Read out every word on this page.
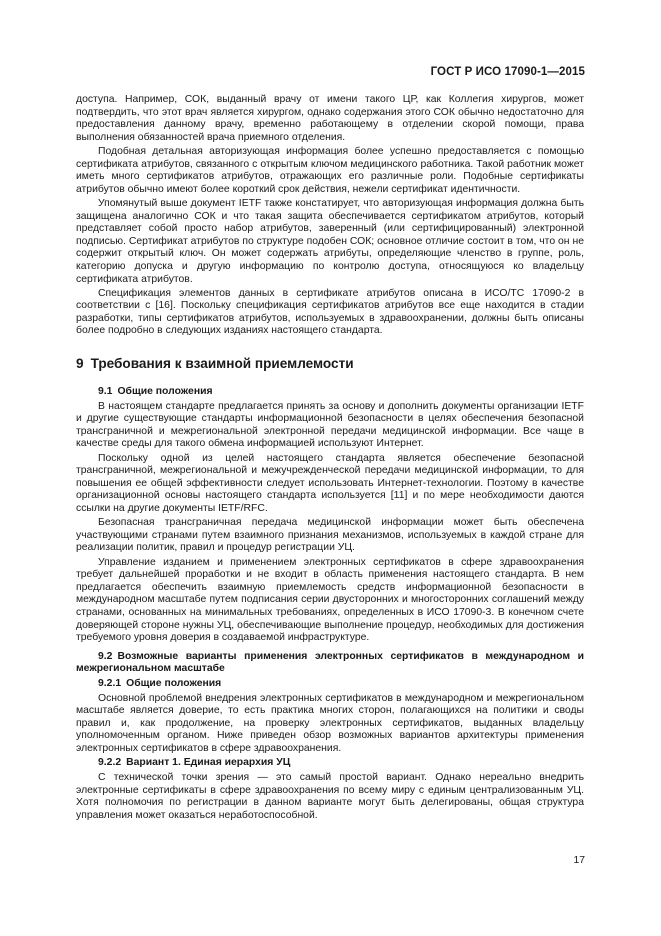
ГОСТ Р ИСО 17090-1—2015

доступа. Например, СОК, выданный врачу от имени такого ЦР, как Коллегия хирургов, может подтвердить, что этот врач является хирургом, однако содержания этого СОК обычно недостаточно для предоставления данному врачу, временно работающему в отделении скорой помощи, права выполнения обязанностей врача приемного отделения.

Подобная детальная авторизующая информация более успешно предоставляется с помощью сертификата атрибутов, связанного с открытым ключом медицинского работника. Такой работник может иметь много сертификатов атрибутов, отражающих его различные роли. Подобные сертификаты атрибутов обычно имеют более короткий срок действия, нежели сертификат идентичности.

Упомянутый выше документ IETF также констатирует, что авторизующая информация должна быть защищена аналогично СОК и что такая защита обеспечивается сертификатом атрибутов, который представляет собой просто набор атрибутов, заверенный (или сертифицированный) электронной подписью. Сертификат атрибутов по структуре подобен СОК; основное отличие состоит в том, что он не содержит открытый ключ. Он может содержать атрибуты, определяющие членство в группе, роль, категорию допуска и другую информацию по контролю доступа, относящуюся ко владельцу сертификата атрибутов.

Спецификация элементов данных в сертификате атрибутов описана в ИСО/ТС 17090-2 в соответствии с [16]. Поскольку спецификация сертификатов атрибутов все еще находится в стадии разработки, типы сертификатов атрибутов, используемых в здравоохранении, должны быть описаны более подробно в следующих изданиях настоящего стандарта.

9 Требования к взаимной приемлемости
9.1 Общие положения

В настоящем стандарте предлагается принять за основу и дополнить документы организации IETF и другие существующие стандарты информационной безопасности в целях обеспечения безопасной трансграничной и межрегиональной электронной передачи медицинской информации. Все чаще в качестве среды для такого обмена информацией используют Интернет.

Поскольку одной из целей настоящего стандарта является обеспечение безопасной трансграничной, межрегиональной и межучрежденческой передачи медицинской информации, то для повышения ее общей эффективности следует использовать Интернет-технологии. Поэтому в качестве организационной основы настоящего стандарта используется [11] и по мере необходимости даются ссылки на другие документы IETF/RFC.

Безопасная трансграничная передача медицинской информации может быть обеспечена участвующими странами путем взаимного признания механизмов, используемых в каждой стране для реализации политик, правил и процедур регистрации УЦ.

Управление изданием и применением электронных сертификатов в сфере здравоохранения требует дальнейшей проработки и не входит в область применения настоящего стандарта. В нем предлагается обеспечить взаимную приемлемость средств информационной безопасности в международном масштабе путем подписания серии двусторонних и многосторонних соглашений между странами, основанных на минимальных требованиях, определенных в ИСО 17090-3. В конечном счете доверяющей стороне нужны УЦ, обеспечивающие выполнение процедур, необходимых для достижения требуемого уровня доверия в создаваемой инфраструктуре.

9.2 Возможные варианты применения электронных сертификатов в международном и межрегиональном масштабе
9.2.1 Общие положения

Основной проблемой внедрения электронных сертификатов в международном и межрегиональном масштабе является доверие, то есть практика многих сторон, полагающихся на политики и своды правил и, как продолжение, на проверку электронных сертификатов, выданных владельцу уполномоченным органом. Ниже приведен обзор возможных вариантов архитектуры применения электронных сертификатов в сфере здравоохранения.

9.2.2 Вариант 1. Единая иерархия УЦ

С технической точки зрения — это самый простой вариант. Однако нереально внедрить электронные сертификаты в сфере здравоохранения по всему миру с единым централизованным УЦ. Хотя полномочия по регистрации в данном варианте могут быть делегированы, общая структура управления может оказаться неработоспособной.

17
